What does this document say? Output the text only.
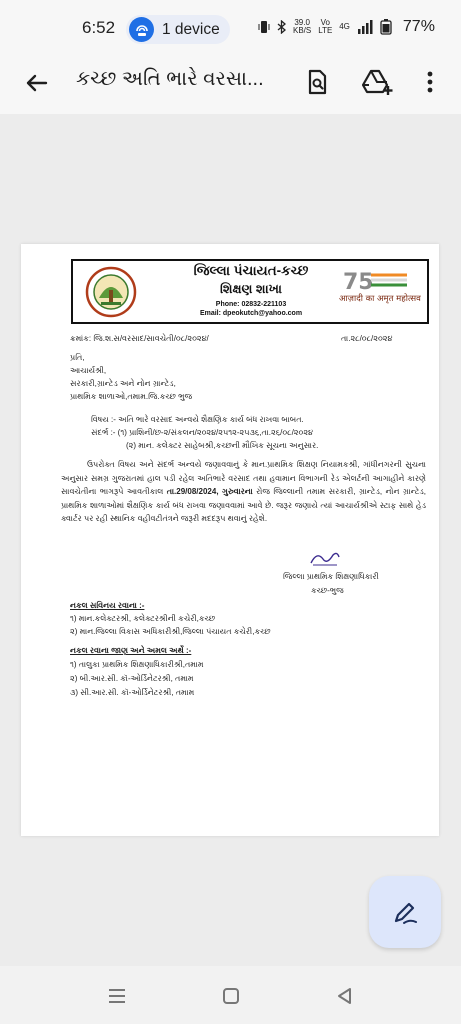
6:52	1 device	39.0
KB/S
Vo LTE 4G	77%
કચ્છ અતિ ભારે વરસા...
જિલ્લા પંચાયત-કચ્છ
શિક્ષણ શાખા
Phone: 02832-221103
Email: dpeokutch@yahoo.com
75
आज़ादी का अमृत महोत्सव
ક્રમાંક: જિ.શ.સ/વરસાદ/સાવચેતી/૦૮/૨૦૨૪/	તા.૨૮/૦૮/૨૦૨૪
પ્રતિ,
આચાર્યશ્રી,
સરકારી,ગ્રાન્ટેડ અને નોન ગ્રાન્ટેડ,
પ્રાથમિક શાળાઓ,તમામ.જિ.કચ્છ ભુજ
વિષય :- અતિ ભારે વરસાદ અન્વયે શૈક્ષણિક કાર્ય બંધ રાખવા બાબત.
સંદર્ભ :- (૧) પ્રાશિની/છ-૨/સંકલન/૨૦૨૪/૨૫૧૨-૨૫૩૬,તા.૨૬/૦૮/૨૦૨૪
(૨) માન. કલેક્ટર સાહેબશ્રી,કચ્છની મૌખિક સૂચના અનુસાર.
ઉપરોક્ત વિષય અને સંદર્ભ અન્વયે જણાવવાનું કે માન.પ્રાથમિક શિક્ષણ નિયામકશ્રી, ગાંધીનગરની સુચના અનુસાર સમગ્ર ગુજરાતમાં હાલ પડી રહેલ અતિભારે વરસાદ તથા હવામાન વિભાગની રેડ એલર્ટની આગાહીને કારણે સાવચેતીના ભાગરૂપે આવતીકાલ તા.29/08/2024, ગુરુવારના રોજ જિલ્લાની તમામ સરકારી, ગ્રાન્ટેડ, નોન ગ્રાન્ટેડ, પ્રાથમિક શાળાઓમાં શૈક્ષણિક કાર્ય બંધ રાખવા જણાવવામાં આવે છે. જરૂર જણાયે ત્યાં આચાર્યશ્રીએ સ્ટાફ સાથે હેડ ક્વાર્ટર પર રહી સ્થાનિક વહીવટીતંત્રને જરૂરી મદદરૂપ થવાનું રહેશે.
જિલ્લા પ્રાથમિક શિક્ષણાધિકારી
કચ્છ-ભુજ
નકલ સવિનય રવાના :-
૧) માન.કલેક્ટરશ્રી, કલેક્ટરશ્રીની કચેરી,કચ્છ
૨) માન.જિલ્લા વિકાસ અધિકારીશ્રી,જિલ્લા પંચાયત કચેરી,કચ્છ
નકલ રવાના જાણ અને અમલ અર્થે :-
૧) તાલુકા પ્રાથમિક શિક્ષણાધિકારીશ્રી,તમામ
૨) બી.આર.સી. કૉ-ઓર્ડિનેટરશ્રી, તમામ
૩) સી.આર.સી. કૉ-ઓર્ડિનેટરશ્રી, તમામ
